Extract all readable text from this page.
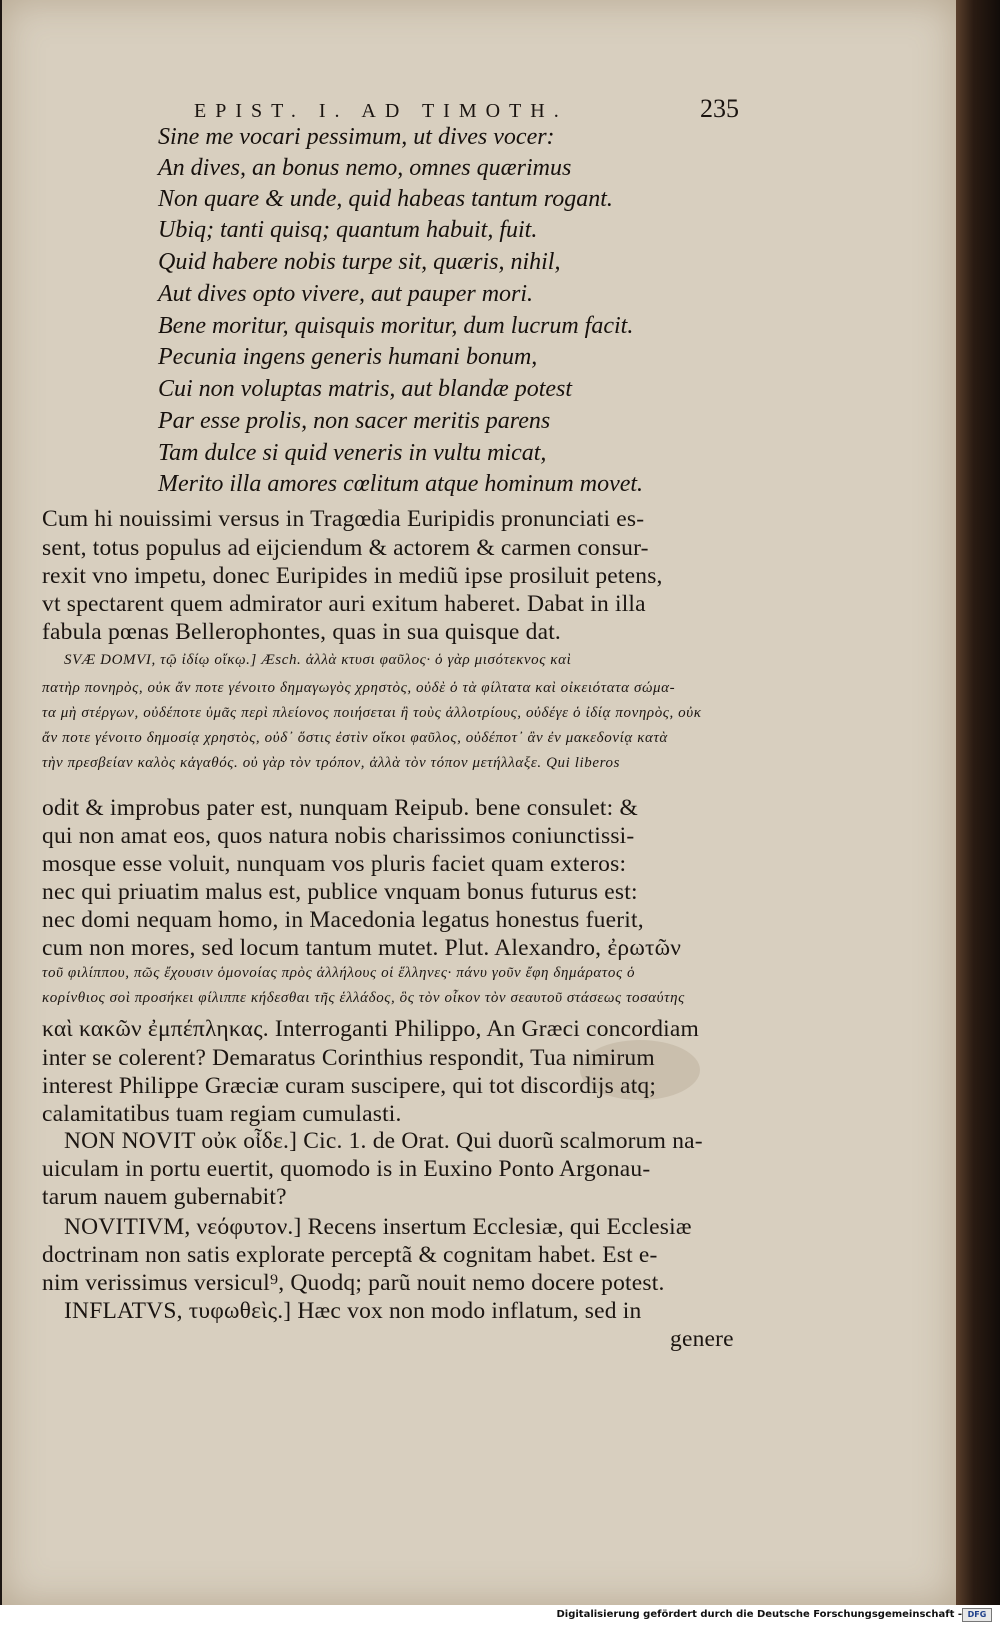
EPIST. I. AD TIMOTH.	235
Sine me vocari pessimum, ut dives vocer:
An dives, an bonus nemo, omnes quærimus
Non quare & unde, quid habeas tantum rogant.
Ubiq; tanti quisq; quantum habuit, fuit.
Quid habere nobis turpe sit, quæris, nihil,
Aut dives opto vivere, aut pauper mori.
Bene moritur, quisquis moritur, dum lucrum facit.
Pecunia ingens generis humani bonum,
Cui non voluptas matris, aut blandæ potest
Par esse prolis, non sacer meritis parens
Tam dulce si quid veneris in vultu micat,
Merito illa amores cœlitum atque hominum movet.
Cum hi nouissimi versus in Tragœdia Euripidis pronunciati es-
sent, totus populus ad eijciendum & actorem & carmen consur-
rexit vno impetu, donec Euripides in mediũ ipse prosiluit petens,
vt spectarent quem admirator auri exitum haberet. Dabat in illa
fabula pœnas Bellerophontes, quas in sua quisque dat.
SVÆ DOMVI, τῷ ἰδίῳ οἴκῳ.] Æsch. ἀλλὰ κτυσι φαῦλος· ὁ γὰρ μισότεκνος καὶ
πατὴρ πονηρὸς, οὐκ ἄν ποτε γένοιτο δημαγωγὸς χρηστὸς, οὐδὲ ὁ τὰ φίλτατα καὶ οἰκειότατα σώμα-
τα μὴ στέργων, οὐδέποτε ὑμᾶς περὶ πλείονος ποιήσεται ἢ τοὺς ἀλλοτρίους, οὐδέγε ὁ ἰδίᾳ πονηρὸς, οὐκ
ἄν ποτε γένοιτο δημοσίᾳ χρηστὸς, οὐδ᾽ ὅστις ἐστὶν οἴκοι φαῦλος, οὐδέποτ᾽ ἂν ἐν μακεδονίᾳ κατὰ
τὴν πρεσβείαν καλὸς κἀγαθός. οὐ γὰρ τὸν τρόπον, ἀλλὰ τὸν τόπον μετήλλαξε. Qui liberos
odit & improbus pater est, nunquam Reipub. bene consulet: &
qui non amat eos, quos natura nobis charissimos coniunctissi-
mosque esse voluit, nunquam vos pluris faciet quam exteros:
nec qui priuatim malus est, publice vnquam bonus futurus est:
nec domi nequam homo, in Macedonia legatus honestus fuerit,
cum non mores, sed locum tantum mutet. Plut. Alexandro, ἐρωτῶν
τοῦ φιλίππου, πῶς ἔχουσιν ὁμονοίας πρὸς ἀλλήλους οἱ ἕλληνες· πάνυ γοῦν ἔφη δημάρατος ὁ
κορίνθιος σοὶ προσήκει φίλιππε κήδεσθαι τῆς ἑλλάδος, ὃς τὸν οἶκον τὸν σεαυτοῦ στάσεως τοσαύτης
καὶ κακῶν ἐμπέπληκας. Interroganti Philippo, An Græci concordiam
inter se colerent? Demaratus Corinthius respondit, Tua nimirum
interest Philippe Græciæ curam suscipere, qui tot discordijs atq;
calamitatibus tuam regiam cumulasti.
NON NOVIT οὐκ οἶδε.] Cic. 1. de Orat. Qui duorũ scalmorum na-
uiculam in portu euertit, quomodo is in Euxino Ponto Argonau-
tarum nauem gubernabit?
NOVITIVM, νεόφυτον.] Recens insertum Ecclesiæ, qui Ecclesiæ
doctrinam non satis explorate perceptã & cognitam habet. Est e-
nim verissimus versicul⁹, Quodq; parũ nouit nemo docere potest.
INFLATVS, τυφωθεὶς.] Hæc vox non modo inflatum, sed in
genere
Digitalisierung gefördert durch die Deutsche Forschungsgemeinschaft - DFG
